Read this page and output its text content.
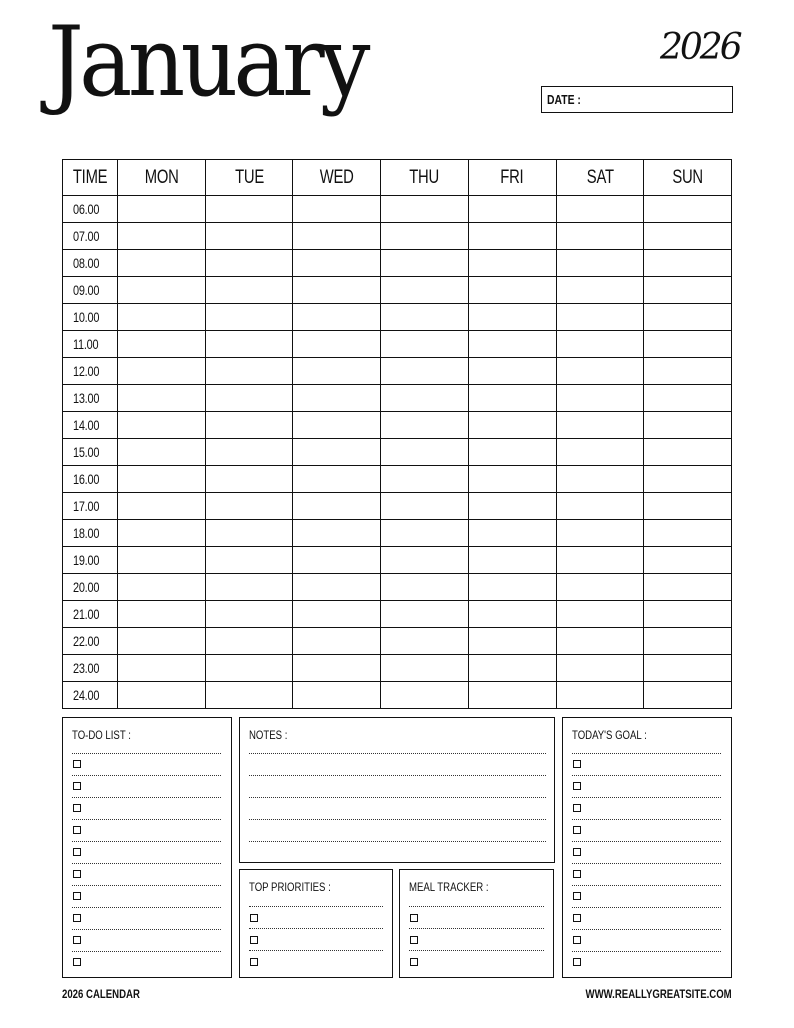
January	2026
DATE :
TIME	MON	TUE	WED	THU	FRI	SAT	SUN
06.00							
07.00							
08.00							
09.00							
10.00							
11.00							
12.00							
13.00							
14.00							
15.00							
16.00							
17.00							
18.00							
19.00							
20.00							
21.00							
22.00							
23.00							
24.00							
TO-DO LIST :	NOTES :	TODAY'S GOAL :
TOP PRIORITIES :	MEAL TRACKER :
2026 CALENDAR	WWW.REALLYGREATSITE.COM
